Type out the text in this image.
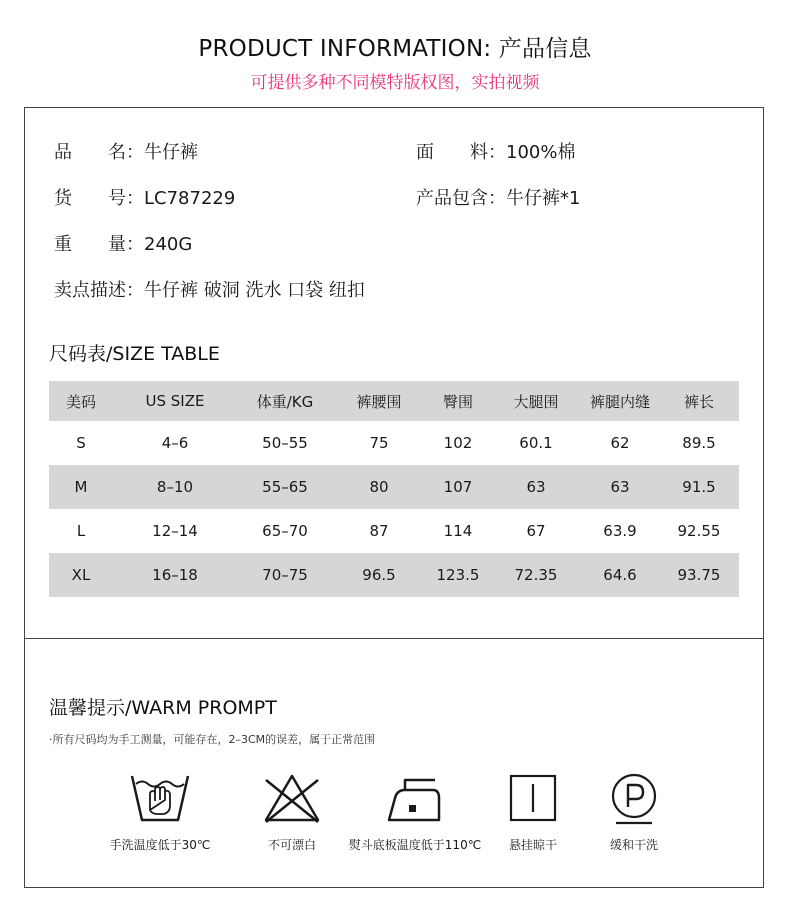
PRODUCT INFORMATION: 产品信息
可提供多种不同模特版权图，实拍视频
品　　名：牛仔裤	面　　料：100%棉
货　　号：LC787229	产品包含：牛仔裤*1
重　　量：240G
卖点描述：牛仔裤 破洞 洗水 口袋 纽扣
尺码表/SIZE TABLE
美码	US SIZE	体重/KG	裤腰围	臀围	大腿围	裤腿内缝	裤长
S	4–6	50–55	75	102	60.1	62	89.5
M	8–10	55–65	80	107	63	63	91.5
L	12–14	65–70	87	114	67	63.9	92.55
XL	16–18	70–75	96.5	123.5	72.35	64.6	93.75
温馨提示/WARM PROMPT
·所有尺码均为手工测量，可能存在，2–3CM的误差，属于正常范围
手洗温度低于30℃	不可漂白	熨斗底板温度低于110℃	悬挂晾干	缓和干洗
